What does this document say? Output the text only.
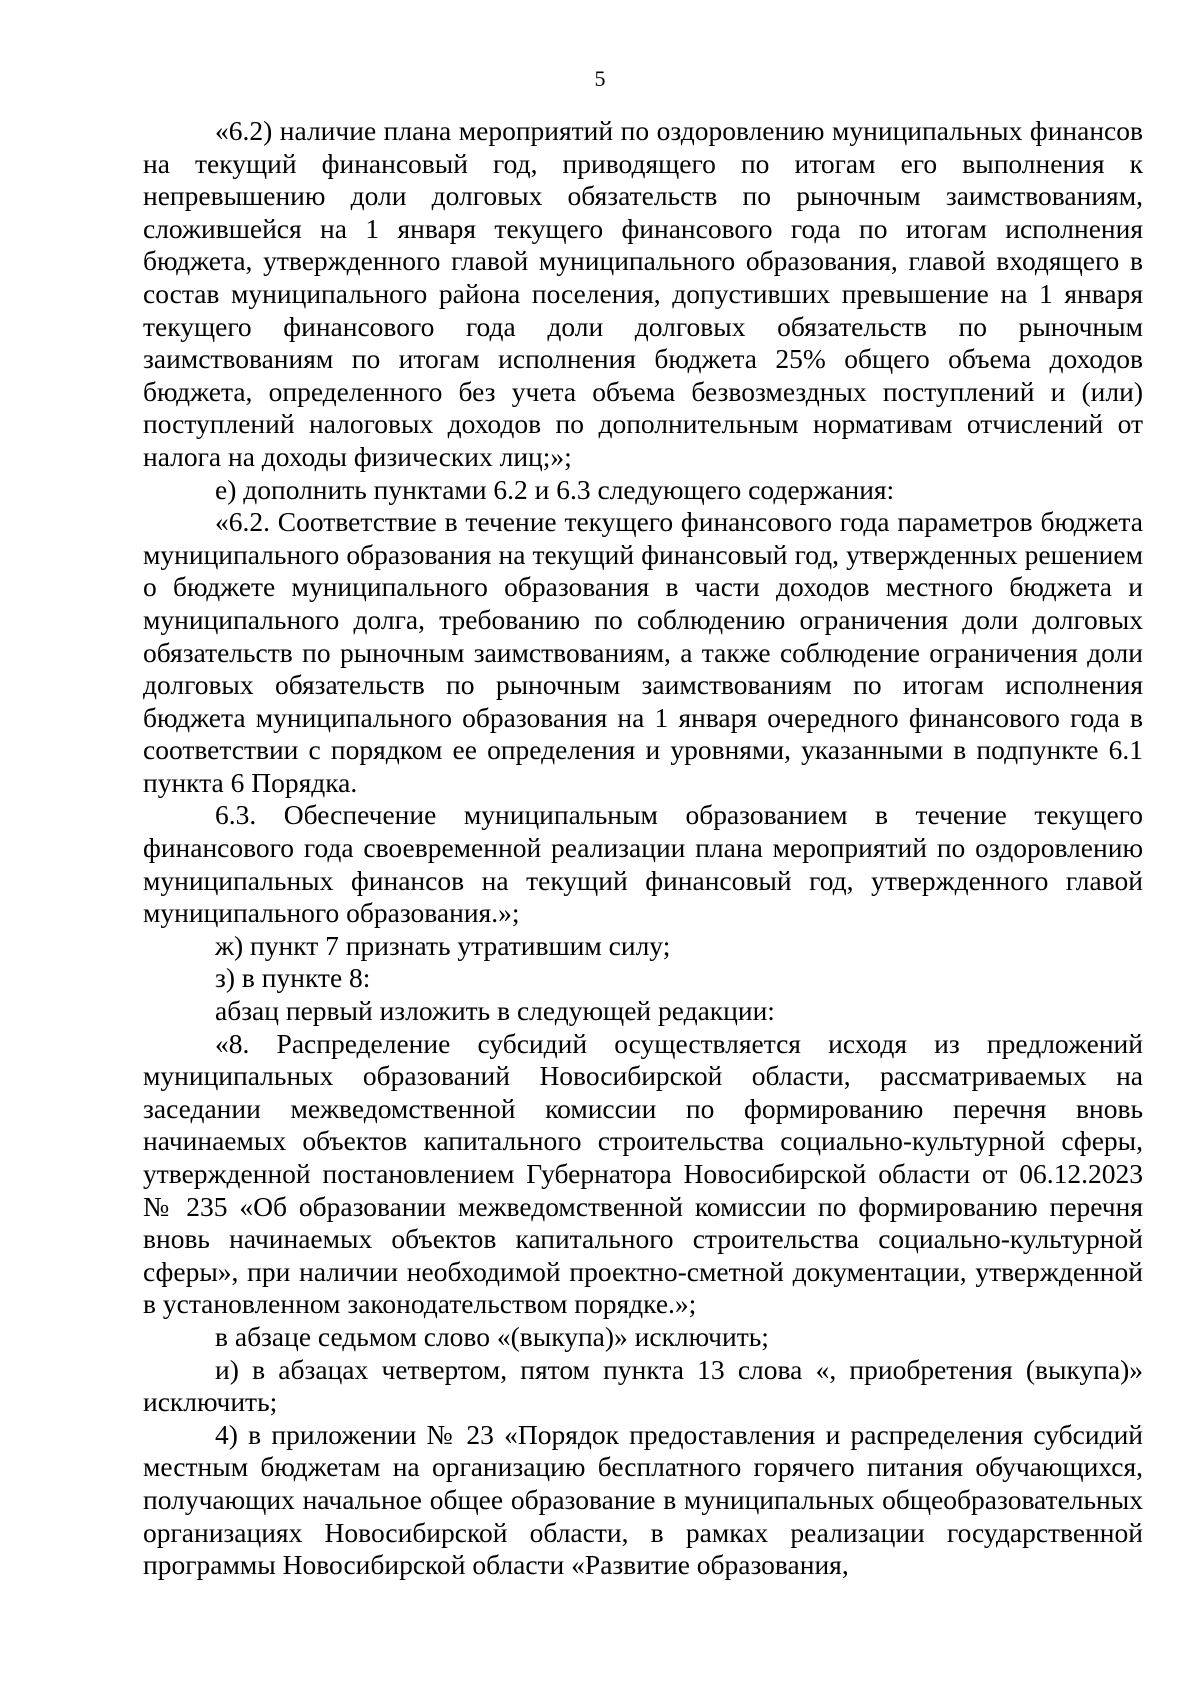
5

«6.2) наличие плана мероприятий по оздоровлению муниципальных финансов на текущий финансовый год, приводящего по итогам его выполнения к непревышению доли долговых обязательств по рыночным заимствованиям, сложившейся на 1 января текущего финансового года по итогам исполнения бюджета, утвержденного главой муниципального образования, главой входящего в состав муниципального района поселения, допустивших превышение на 1 января текущего финансового года доли долговых обязательств по рыночным заимствованиям по итогам исполнения бюджета 25% общего объема доходов бюджета, определенного без учета объема безвозмездных поступлений и (или) поступлений налоговых доходов по дополнительным нормативам отчислений от налога на доходы физических лиц;»;

е) дополнить пунктами 6.2 и 6.3 следующего содержания:

«6.2. Соответствие в течение текущего финансового года параметров бюджета муниципального образования на текущий финансовый год, утвержденных решением о бюджете муниципального образования в части доходов местного бюджета и муниципального долга, требованию по соблюдению ограничения доли долговых обязательств по рыночным заимствованиям, а также соблюдение ограничения доли долговых обязательств по рыночным заимствованиям по итогам исполнения бюджета муниципального образования на 1 января очередного финансового года в соответствии с порядком ее определения и уровнями, указанными в подпункте 6.1 пункта 6 Порядка.

6.3. Обеспечение муниципальным образованием в течение текущего финансового года своевременной реализации плана мероприятий по оздоровлению муниципальных финансов на текущий финансовый год, утвержденного главой муниципального образования.»;

ж) пункт 7 признать утратившим силу;

з) в пункте 8:

абзац первый изложить в следующей редакции:

«8. Распределение субсидий осуществляется исходя из предложений муниципальных образований Новосибирской области, рассматриваемых на заседании межведомственной комиссии по формированию перечня вновь начинаемых объектов капитального строительства социально-культурной сферы, утвержденной постановлением Губернатора Новосибирской области от 06.12.2023 № 235 «Об образовании межведомственной комиссии по формированию перечня вновь начинаемых объектов капитального строительства социально-культурной сферы», при наличии необходимой проектно-сметной документации, утвержденной в установленном законодательством порядке.»;

в абзаце седьмом слово «(выкупа)» исключить;

и) в абзацах четвертом, пятом пункта 13 слова «, приобретения (выкупа)» исключить;

4) в приложении № 23 «Порядок предоставления и распределения субсидий местным бюджетам на организацию бесплатного горячего питания обучающихся, получающих начальное общее образование в муниципальных общеобразовательных организациях Новосибирской области, в рамках реализации государственной программы Новосибирской области «Развитие образования,
